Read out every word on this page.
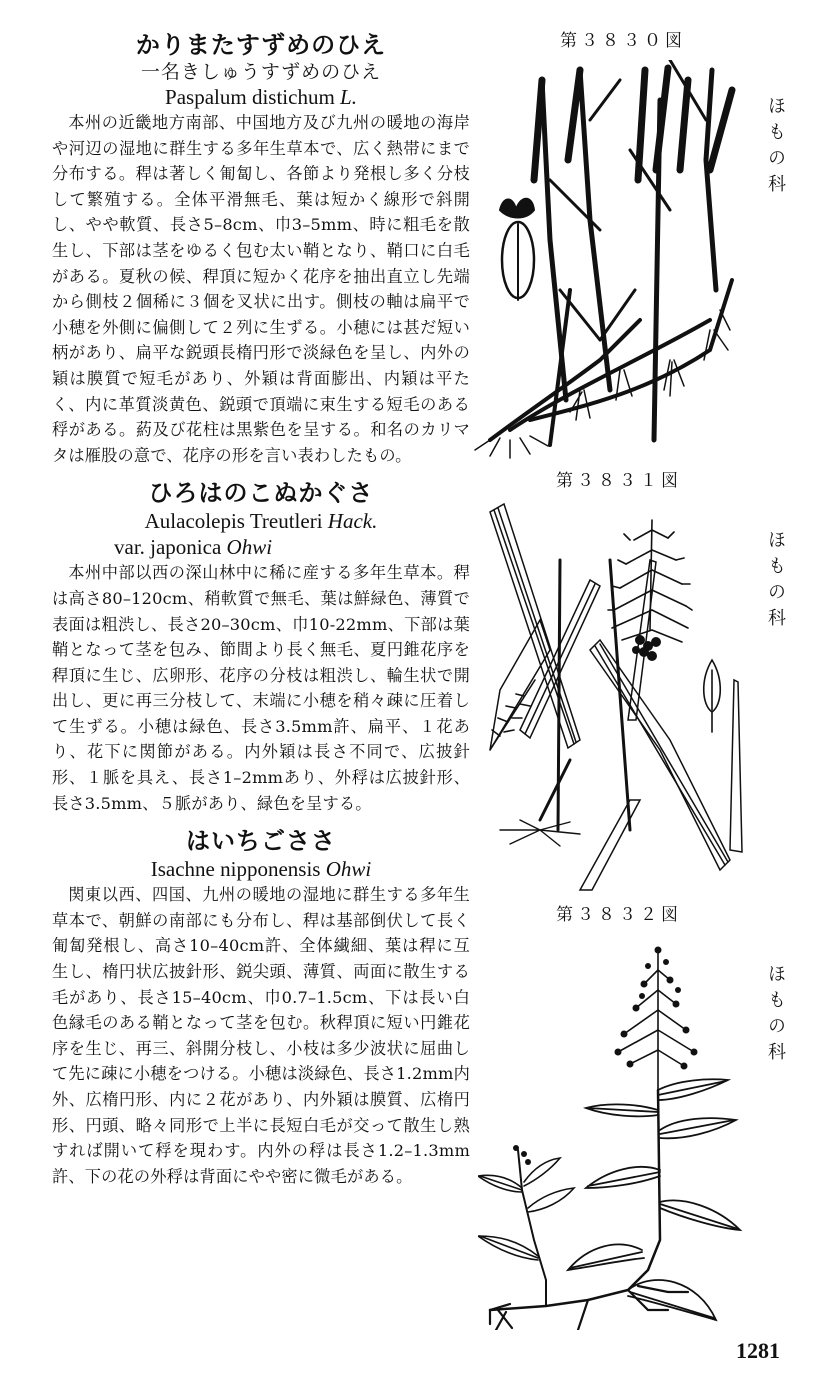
かりまたすずめのひえ

一名きしゅうすずめのひえ

Paspalum distichum L.

本州の近畿地方南部、中国地方及び九州の暖地の海岸や河辺の湿地に群生する多年生草本で、広く熱帯にまで分布する。稈は著しく匍匐し、各節より発根し多く分枝して繁殖する。全体平滑無毛、葉は短かく線形で斜開し、やや軟質、長さ5–8cm、巾3–5mm、時に粗毛を散生し、下部は茎をゆるく包む太い鞘となり、鞘口に白毛がある。夏秋の候、稈頂に短かく花序を抽出直立し先端から側枝２個稀に３個を叉状に出す。側枝の軸は扁平で小穂を外側に偏側して２列に生ずる。小穂には甚だ短い柄があり、扁平な鋭頭長楕円形で淡緑色を呈し、内外の穎は膜質で短毛があり、外穎は背面膨出、内穎は平たく、内に革質淡黄色、鋭頭で頂端に束生する短毛のある稃がある。葯及び花柱は黒紫色を呈する。和名のカリマタは雁股の意で、花序の形を言い表わしたもの。

ひろはのこぬかぐさ

Aulacolepis Treutleri Hack.

var. japonica Ohwi

本州中部以西の深山林中に稀に産する多年生草本。稈は高さ80–120cm、稍軟質で無毛、葉は鮮緑色、薄質で表面は粗渋し、長さ20–30cm、巾10-22mm、下部は葉鞘となって茎を包み、節間より長く無毛、夏円錐花序を稈頂に生じ、広卵形、花序の分枝は粗渋し、輪生状で開出し、更に再三分枝して、末端に小穂を稍々疎に圧着して生ずる。小穂は緑色、長さ3.5mm許、扁平、１花あり、花下に関節がある。内外穎は長さ不同で、広披針形、１脈を具え、長さ1–2mmあり、外稃は広披針形、長さ3.5mm、５脈があり、緑色を呈する。

はいちごささ

Isachne nipponensis Ohwi

関東以西、四国、九州の暖地の湿地に群生する多年生草本で、朝鮮の南部にも分布し、稈は基部倒伏して長く匍匐発根し、高さ10–40cm許、全体繊細、葉は稈に互生し、楕円状広披針形、鋭尖頭、薄質、両面に散生する毛があり、長さ15–40cm、巾0.7–1.5cm、下は長い白色縁毛のある鞘となって茎を包む。秋稈頂に短い円錐花序を生じ、再三、斜開分枝し、小枝は多少波状に屈曲して先に疎に小穂をつける。小穂は淡緑色、長さ1.2mm内外、広楕円形、内に２花があり、内外穎は膜質、広楕円形、円頭、略々同形で上半に長短白毛が交って散生し熟すれば開いて稃を現わす。内外の稃は長さ1.2–1.3mm許、下の花の外稃は背面にやや密に微毛がある。

第３８３０図
第３８３１図
第３８３２図
ほもの科
ほもの科
ほもの科
1281
